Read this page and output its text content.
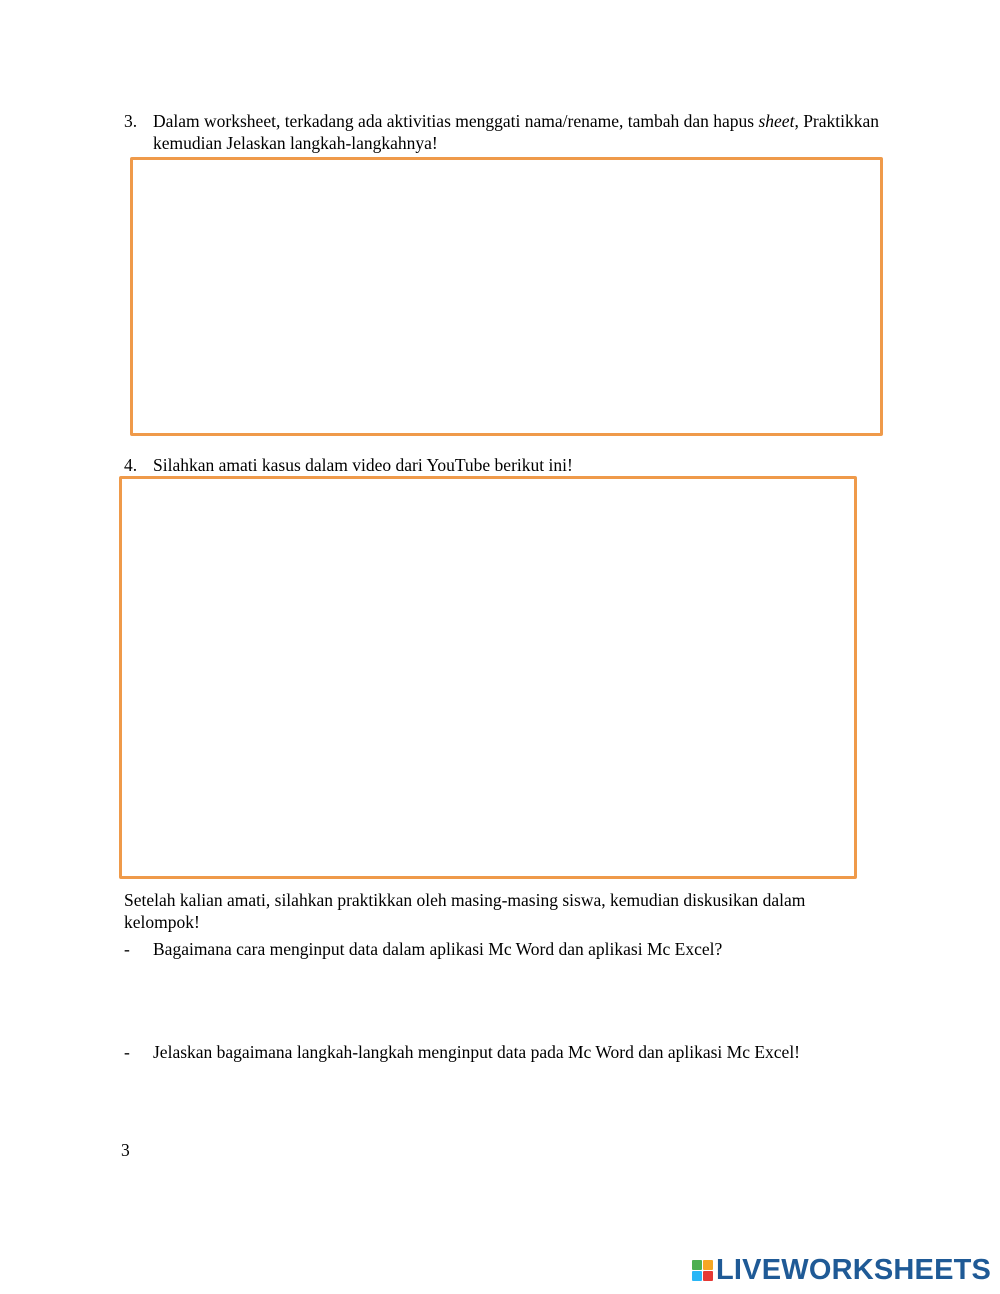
3. Dalam worksheet, terkadang ada aktivitias menggati nama/rename, tambah dan hapus sheet, Praktikkan
kemudian Jelaskan langkah-langkahnya!
4. Silahkan amati kasus dalam video dari YouTube berikut ini!
Setelah kalian amati, silahkan praktikkan oleh masing-masing siswa, kemudian diskusikan dalam
kelompok!
- Bagaimana cara menginput data dalam aplikasi Mc Word dan aplikasi Mc Excel?
- Jelaskan bagaimana langkah-langkah menginput data pada Mc Word dan aplikasi Mc Excel!
3
LIVEWORKSHEETS
